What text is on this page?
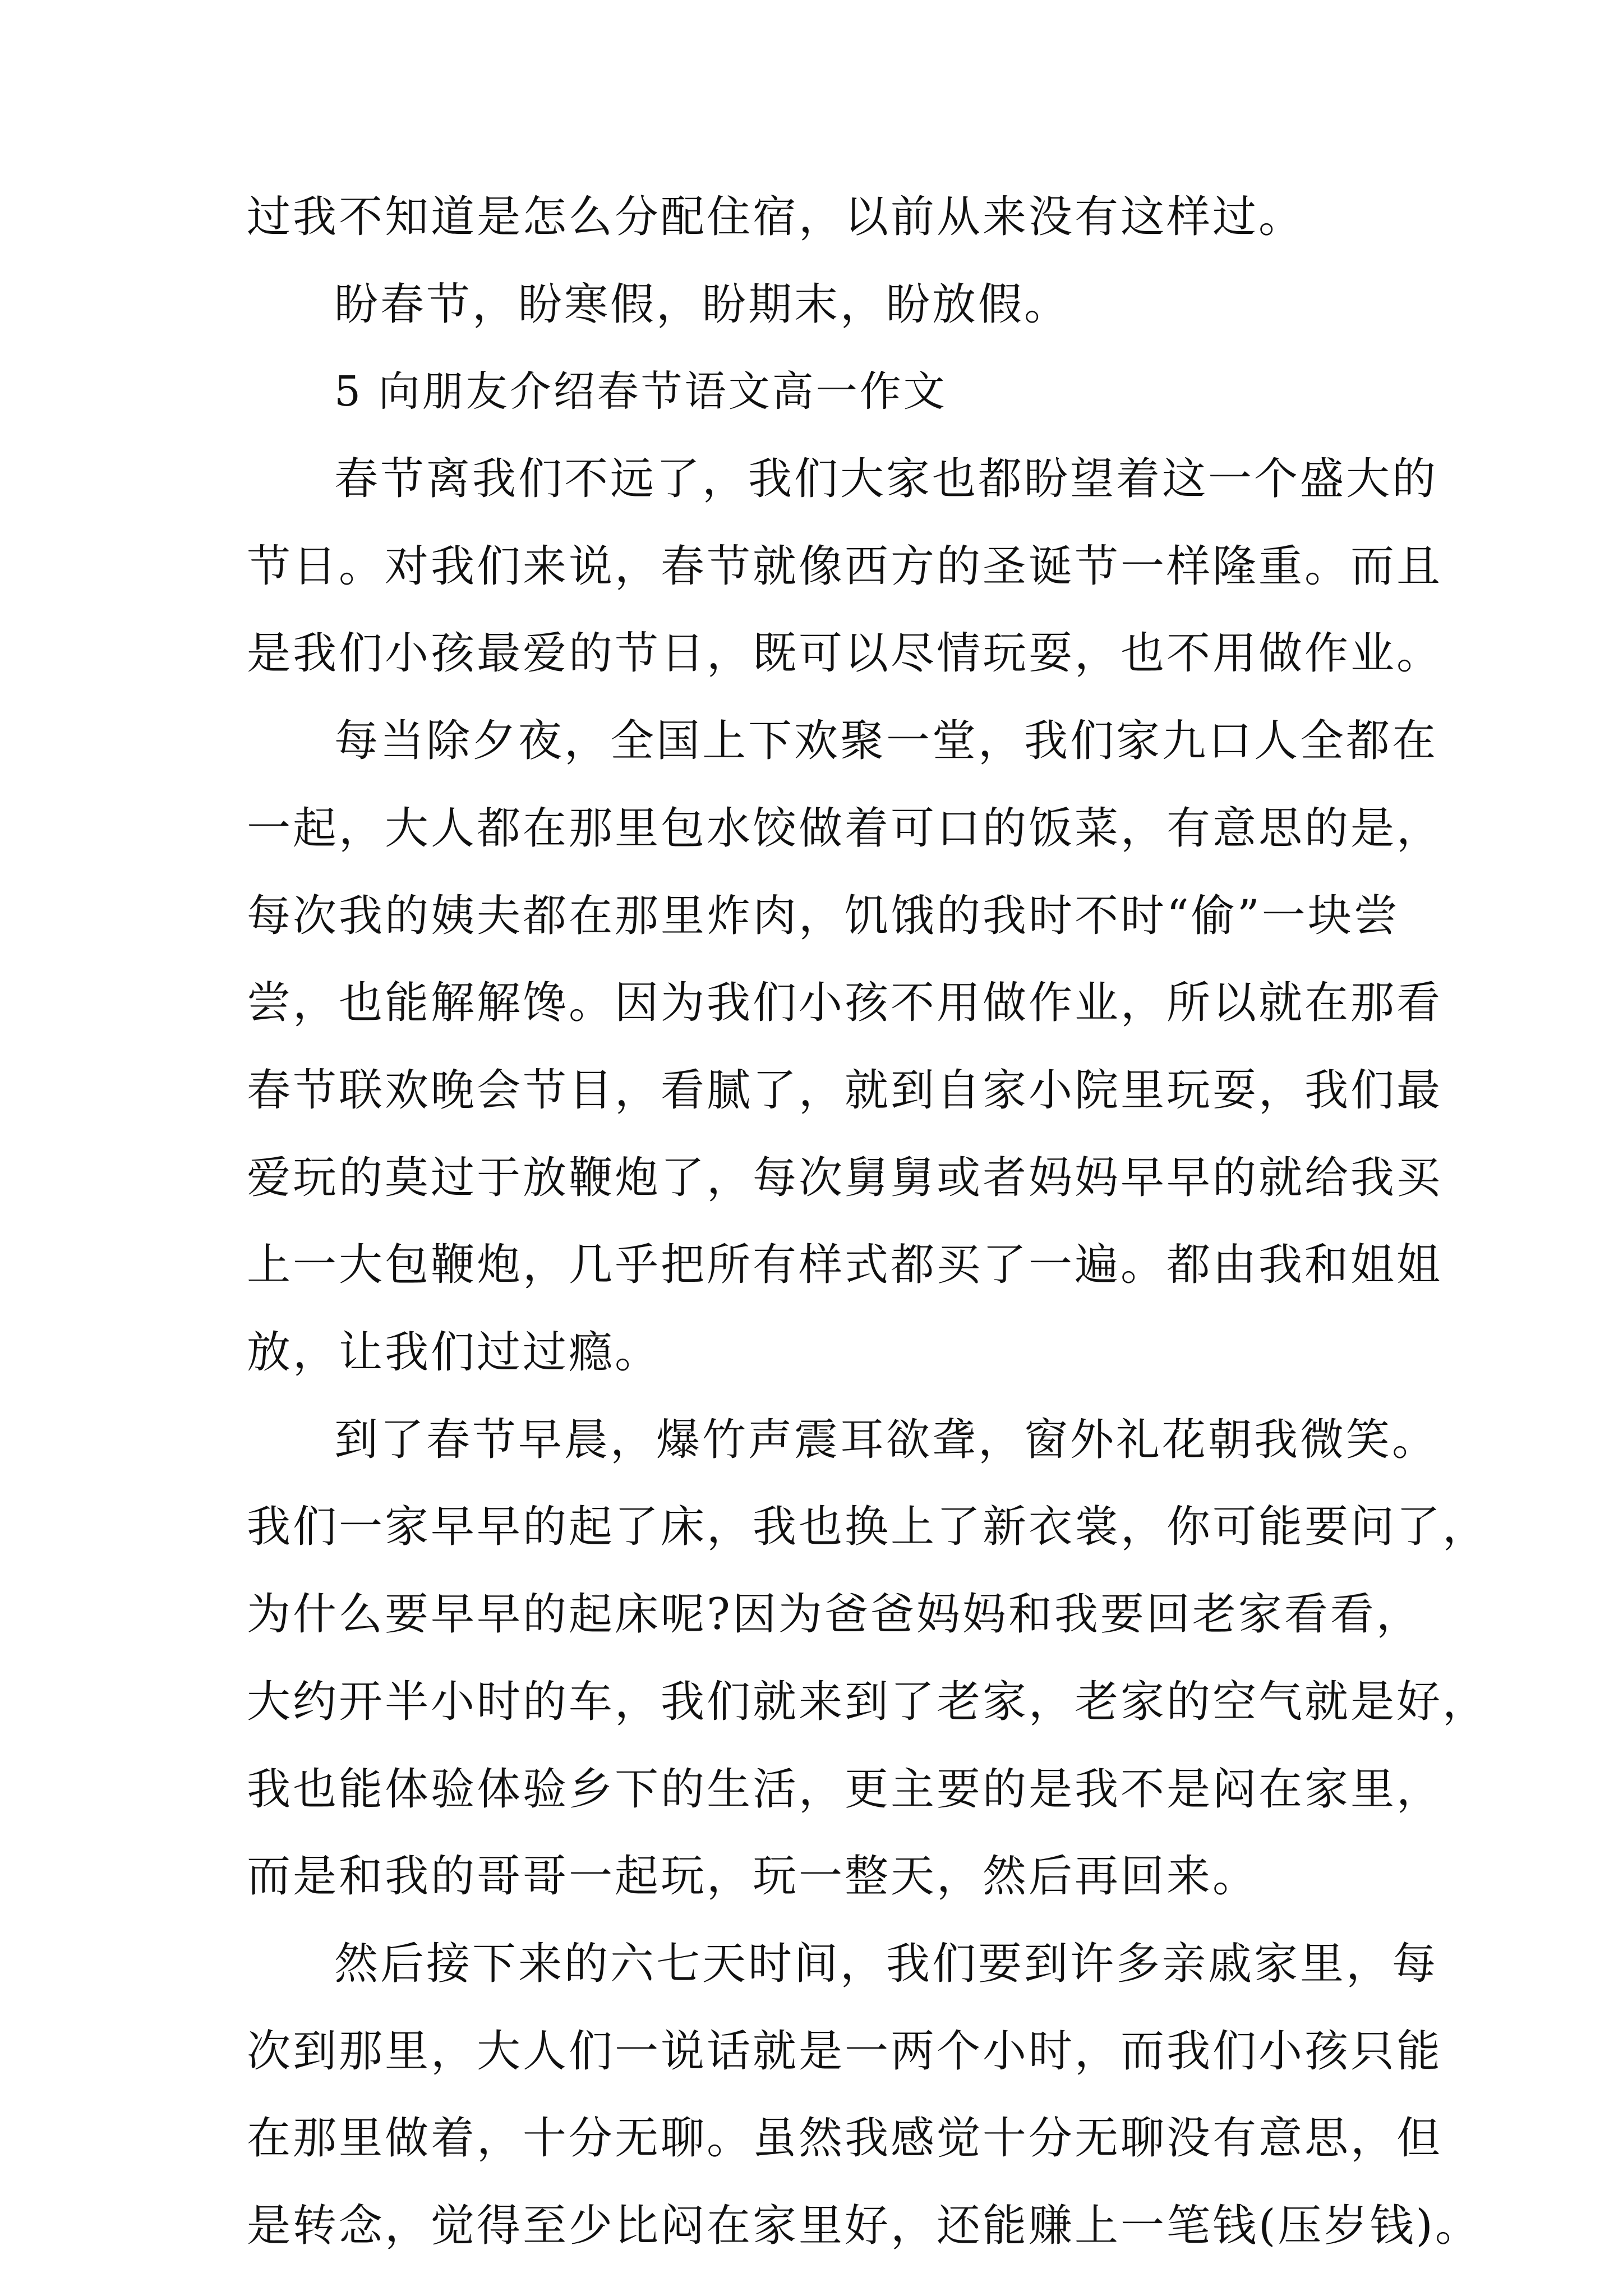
过我不知道是怎么分配住宿，以前从来没有这样过。
盼春节，盼寒假，盼期末，盼放假。
5 向朋友介绍春节语文高一作文
春节离我们不远了，我们大家也都盼望着这一个盛大的
节日。对我们来说，春节就像西方的圣诞节一样隆重。而且
是我们小孩最爱的节日，既可以尽情玩耍，也不用做作业。
每当除夕夜，全国上下欢聚一堂，我们家九口人全都在
一起，大人都在那里包水饺做着可口的饭菜，有意思的是，
每次我的姨夫都在那里炸肉，饥饿的我时不时“偷”一块尝
尝，也能解解馋。因为我们小孩不用做作业，所以就在那看
春节联欢晚会节目，看腻了，就到自家小院里玩耍，我们最
爱玩的莫过于放鞭炮了，每次舅舅或者妈妈早早的就给我买
上一大包鞭炮，几乎把所有样式都买了一遍。都由我和姐姐
放，让我们过过瘾。
到了春节早晨，爆竹声震耳欲聋，窗外礼花朝我微笑。
我们一家早早的起了床，我也换上了新衣裳，你可能要问了，
为什么要早早的起床呢?因为爸爸妈妈和我要回老家看看，
大约开半小时的车，我们就来到了老家，老家的空气就是好，
我也能体验体验乡下的生活，更主要的是我不是闷在家里，
而是和我的哥哥一起玩，玩一整天，然后再回来。
然后接下来的六七天时间，我们要到许多亲戚家里，每
次到那里，大人们一说话就是一两个小时，而我们小孩只能
在那里做着，十分无聊。虽然我感觉十分无聊没有意思，但
是转念，觉得至少比闷在家里好，还能赚上一笔钱(压岁钱)。
